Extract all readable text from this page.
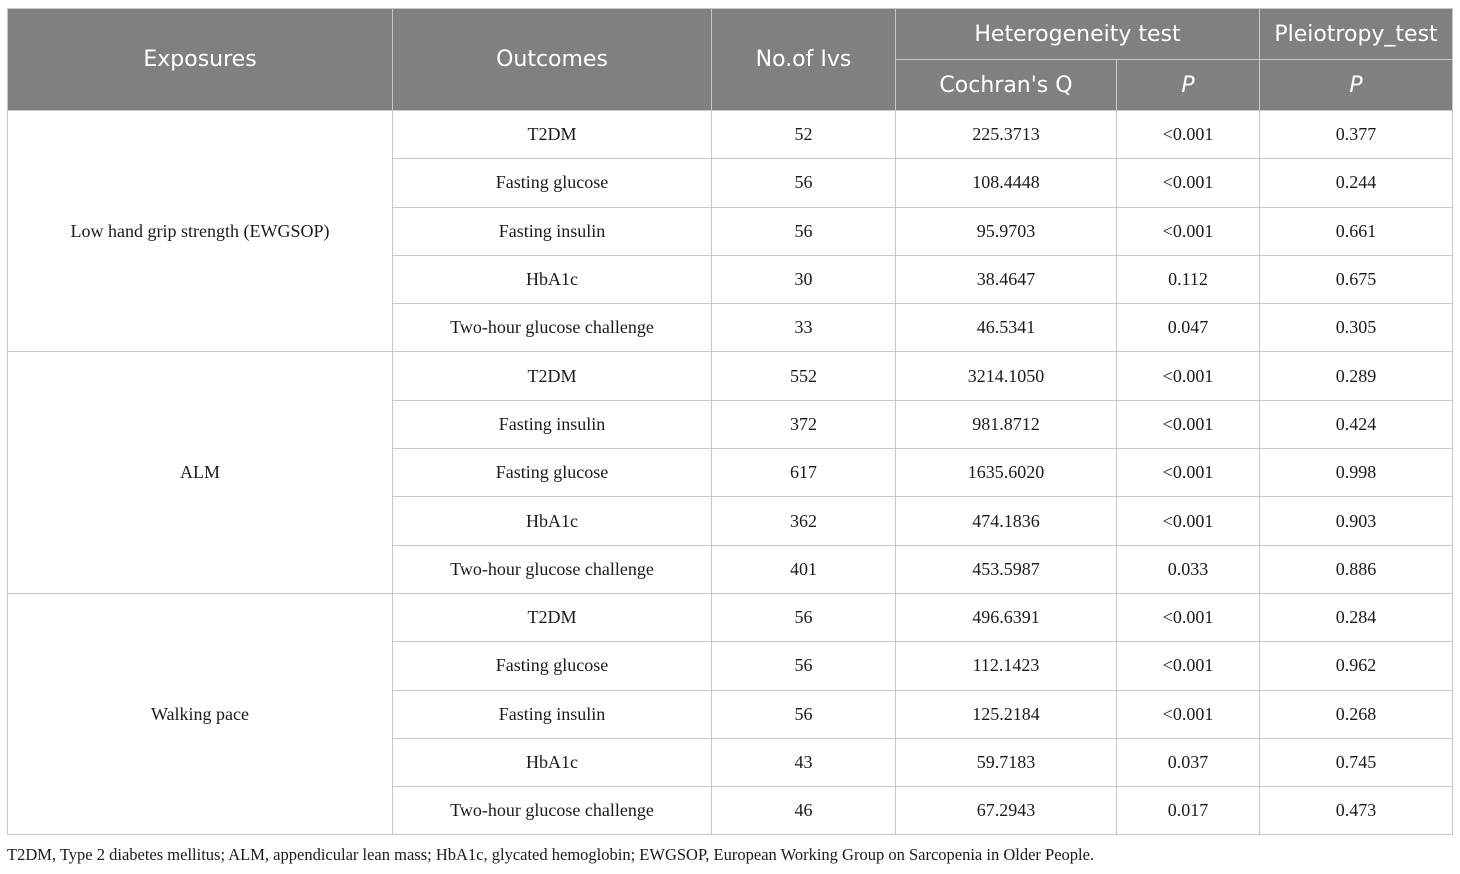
Exposures	Outcomes	No.of Ivs	Heterogeneity test		Pleiotropy_test
			Cochran's Q	P	P
Low hand grip strength (EWGSOP)	T2DM	52	225.3713	<0.001	0.377
	Fasting glucose	56	108.4448	<0.001	0.244
	Fasting insulin	56	95.9703	<0.001	0.661
	HbA1c	30	38.4647	0.112	0.675
	Two-hour glucose challenge	33	46.5341	0.047	0.305
ALM	T2DM	552	3214.1050	<0.001	0.289
	Fasting insulin	372	981.8712	<0.001	0.424
	Fasting glucose	617	1635.6020	<0.001	0.998
	HbA1c	362	474.1836	<0.001	0.903
	Two-hour glucose challenge	401	453.5987	0.033	0.886
Walking pace	T2DM	56	496.6391	<0.001	0.284
	Fasting glucose	56	112.1423	<0.001	0.962
	Fasting insulin	56	125.2184	<0.001	0.268
	HbA1c	43	59.7183	0.037	0.745
	Two-hour glucose challenge	46	67.2943	0.017	0.473
T2DM, Type 2 diabetes mellitus; ALM, appendicular lean mass; HbA1c, glycated hemoglobin; EWGSOP, European Working Group on Sarcopenia in Older People.
